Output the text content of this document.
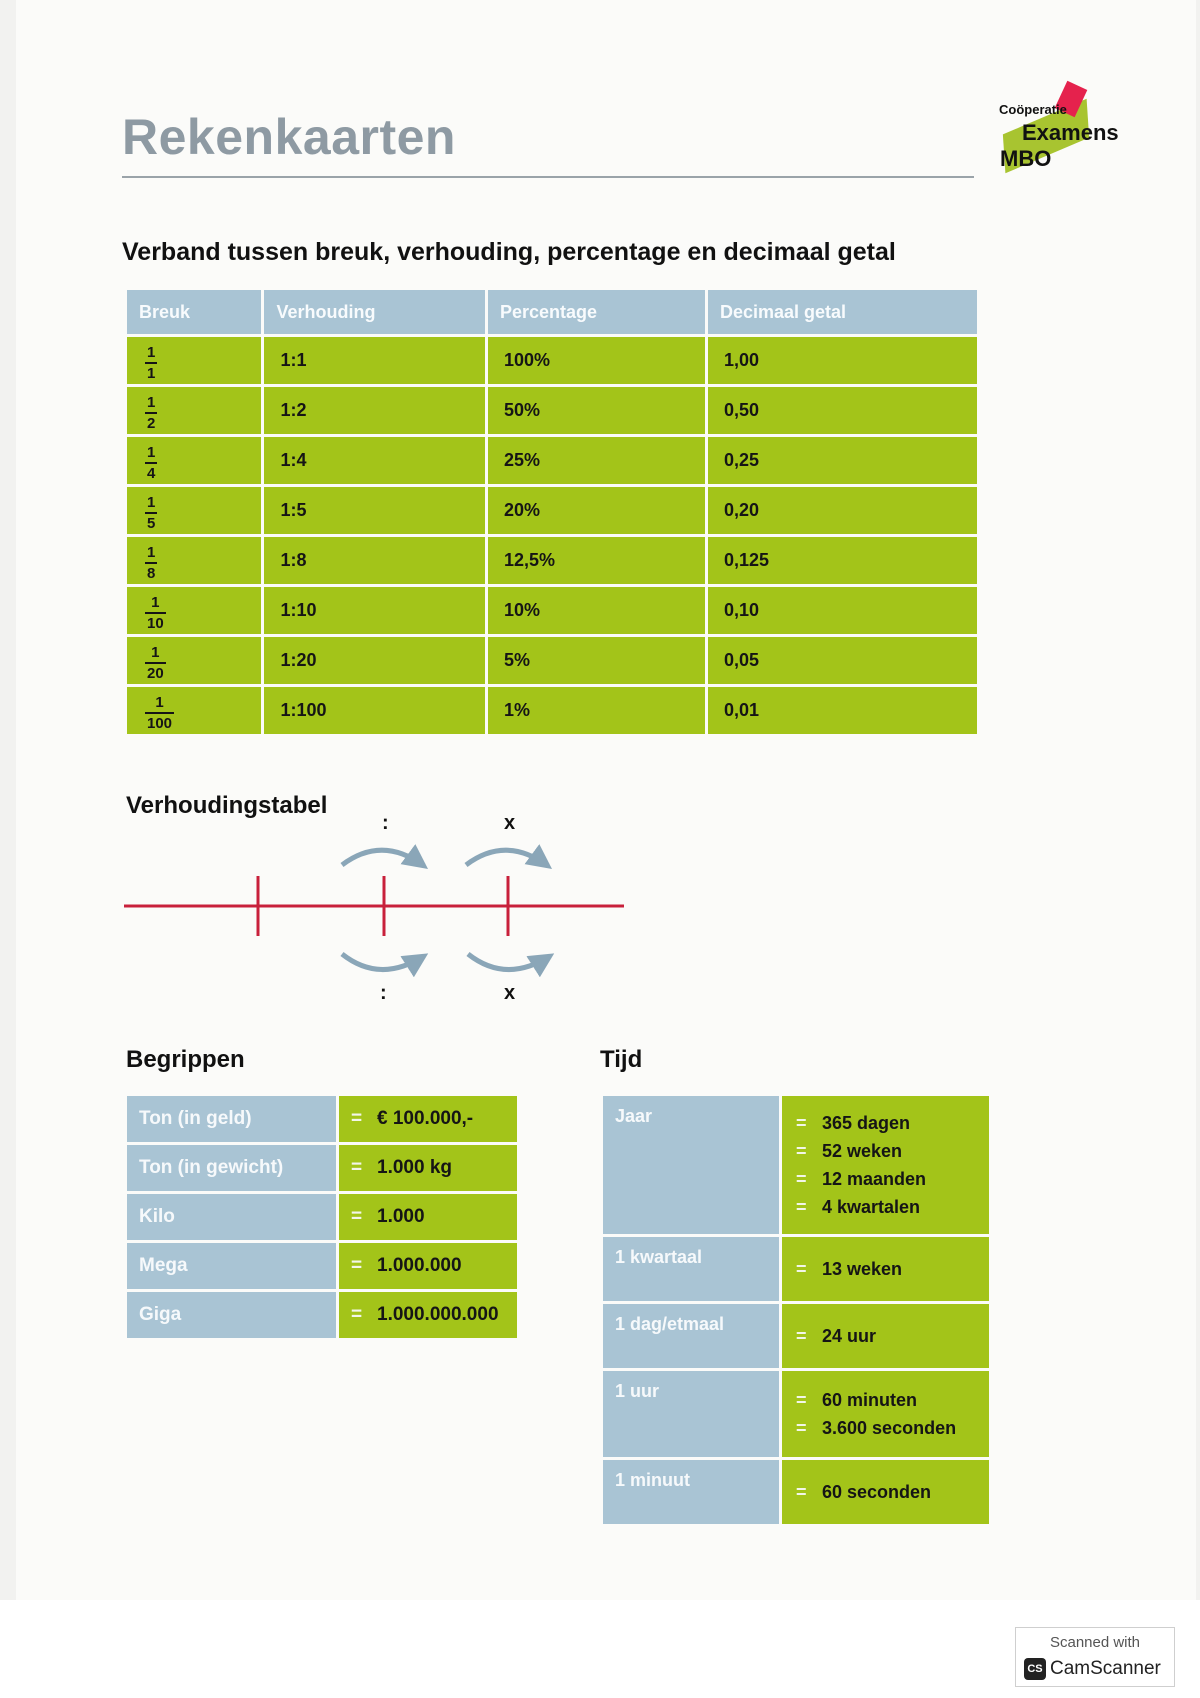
Rekenkaarten	Coöperatie
Examens
MBO
Verband tussen breuk, verhouding, percentage en decimaal getal
Breuk	Verhouding	Percentage	Decimaal getal

$\frac{1}{1}$	1:1	100%	1,00

$\frac{1}{2}$	1:2	50%	0,50

$\frac{1}{4}$	1:4	25%	0,25

$\frac{1}{5}$	1:5	20%	0,20

$\frac{1}{8}$	1:8	12,5%	0,125

$\frac{1}{10}$	1:10	10%	0,10

$\frac{1}{20}$	1:20	5%	0,05

$\frac{1}{100}$	1:100	1%	0,01
Verhoudingstabel
:	x
:	x
Begrippen	Tijd
Ton (in geld)	= € 100.000,-
Ton (in gewicht)	= 1.000 kg
Kilo	= 1.000
Mega	= 1.000.000
Giga	= 1.000.000.000
Jaar	= 365 dagen
= 52 weken
= 12 maanden
= 4 kwartalen

1 kwartaal	= 13 weken

1 dag/etmaal	= 24 uur

1 uur	= 60 minuten
= 3.600 seconden

1 minuut	= 60 seconden
Scanned with
CS CamScanner
